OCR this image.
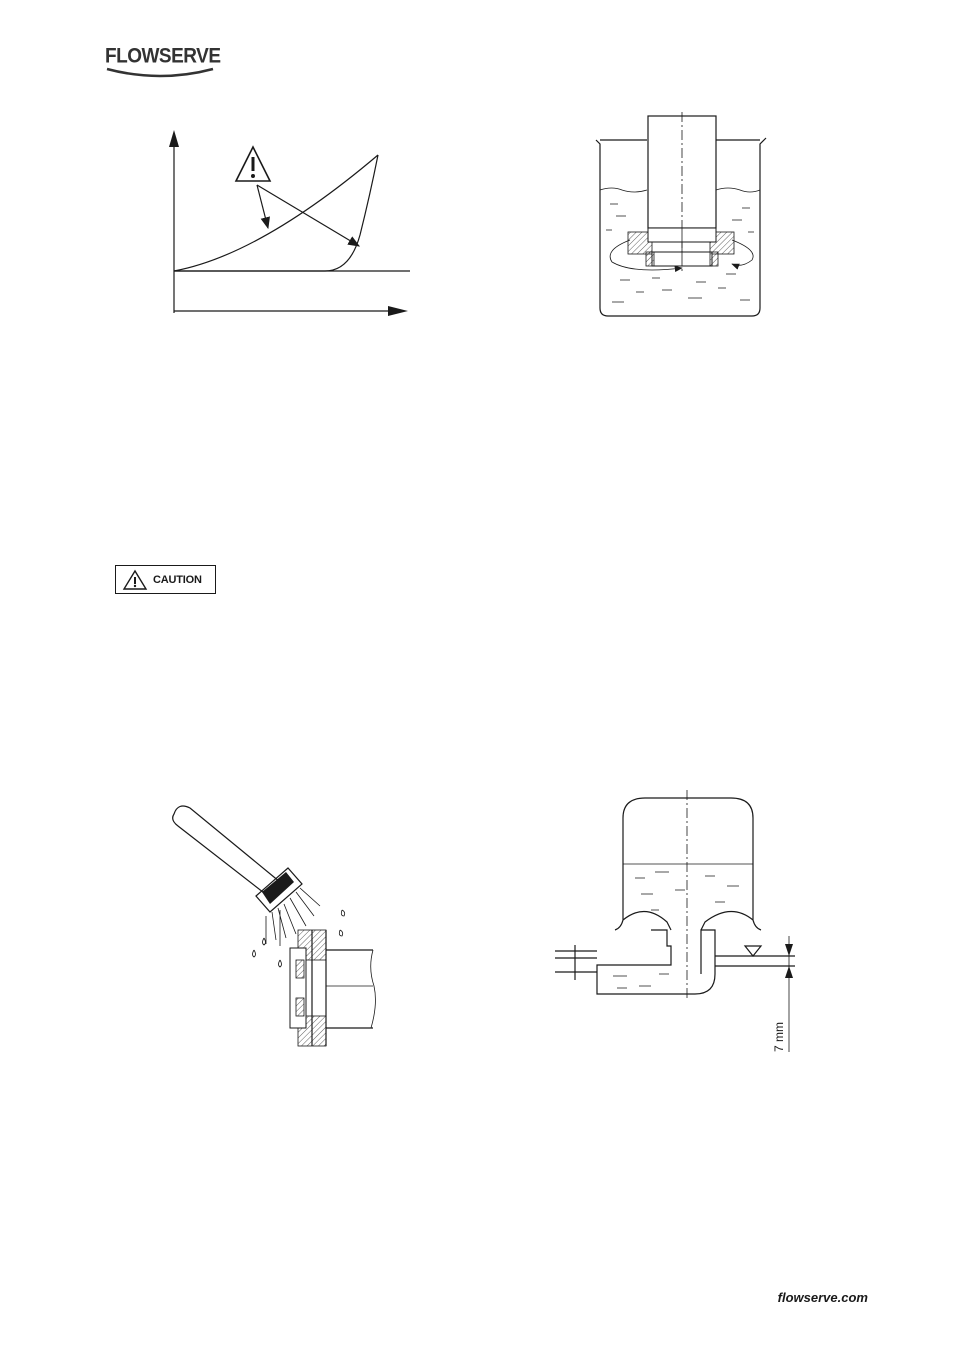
FLOWSERVE
CAUTION
7 mm
flowserve.com
